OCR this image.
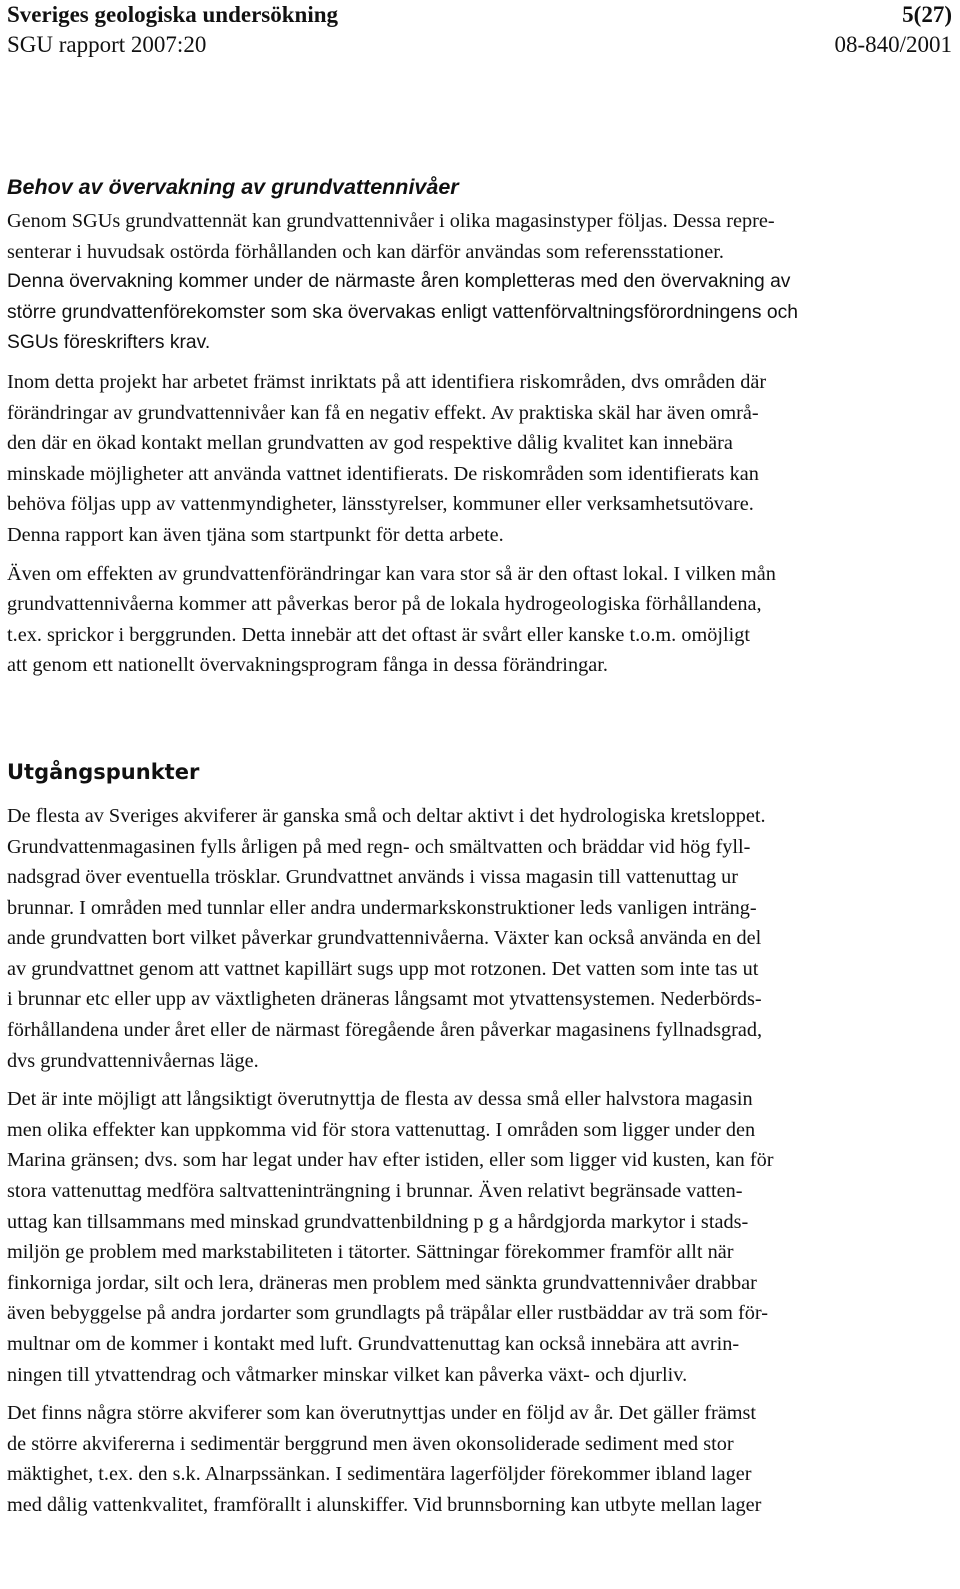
Sveriges geologiska undersökning	5(27)
SGU rapport 2007:20	08-840/2001
Behov av övervakning av grundvattennivåer

Genom SGUs grundvattennät kan grundvattennivåer i olika magasinstyper följas. Dessa repre-
senterar i huvudsak ostörda förhållanden och kan därför användas som referensstationer.
Denna övervakning kommer under de närmaste åren kompletteras med den övervakning av
större grundvattenförekomster som ska övervakas enligt vattenförvaltningsförordningens och
SGUs föreskrifters krav.

Inom detta projekt har arbetet främst inriktats på att identifiera riskområden, dvs områden där
förändringar av grundvattennivåer kan få en negativ effekt. Av praktiska skäl har även områ-
den där en ökad kontakt mellan grundvatten av god respektive dålig kvalitet kan innebära
minskade möjligheter att använda vattnet identifierats. De riskområden som identifierats kan
behöva följas upp av vattenmyndigheter, länsstyrelser, kommuner eller verksamhetsutövare.
Denna rapport kan även tjäna som startpunkt för detta arbete.

Även om effekten av grundvattenförändringar kan vara stor så är den oftast lokal. I vilken mån
grundvattennivåerna kommer att påverkas beror på de lokala hydrogeologiska förhållandena,
t.ex. sprickor i berggrunden. Detta innebär att det oftast är svårt eller kanske t.o.m. omöjligt
att genom ett nationellt övervakningsprogram fånga in dessa förändringar.

Utgångspunkter

De flesta av Sveriges akviferer är ganska små och deltar aktivt i det hydrologiska kretsloppet.
Grundvattenmagasinen fylls årligen på med regn- och smältvatten och bräddar vid hög fyll-
nadsgrad över eventuella trösklar. Grundvattnet används i vissa magasin till vattenuttag ur
brunnar. I områden med tunnlar eller andra undermarkskonstruktioner leds vanligen inträng-
ande grundvatten bort vilket påverkar grundvattennivåerna. Växter kan också använda en del
av grundvattnet genom att vattnet kapillärt sugs upp mot rotzonen. Det vatten som inte tas ut
i brunnar etc eller upp av växtligheten dräneras långsamt mot ytvattensystemen. Nederbörds-
förhållandena under året eller de närmast föregående åren påverkar magasinens fyllnadsgrad,
dvs grundvattennivåernas läge.

Det är inte möjligt att långsiktigt överutnyttja de flesta av dessa små eller halvstora magasin
men olika effekter kan uppkomma vid för stora vattenuttag. I områden som ligger under den
Marina gränsen; dvs. som har legat under hav efter istiden, eller som ligger vid kusten, kan för
stora vattenuttag medföra saltvatteninträngning i brunnar. Även relativt begränsade vatten-
uttag kan tillsammans med minskad grundvattenbildning p g a hårdgjorda markytor i stads-
miljön ge problem med markstabiliteten i tätorter. Sättningar förekommer framför allt när
finkorniga jordar, silt och lera, dräneras men problem med sänkta grundvattennivåer drabbar
även bebyggelse på andra jordarter som grundlagts på träpålar eller rustbäddar av trä som för-
multnar om de kommer i kontakt med luft. Grundvattenuttag kan också innebära att avrin-
ningen till ytvattendrag och våtmarker minskar vilket kan påverka växt- och djurliv.

Det finns några större akviferer som kan överutnyttjas under en följd av år. Det gäller främst
de större akvifererna i sedimentär berggrund men även okonsoliderade sediment med stor
mäktighet, t.ex. den s.k. Alnarpssänkan. I sedimentära lagerföljder förekommer ibland lager
med dålig vattenkvalitet, framförallt i alunskiffer. Vid brunnsborning kan utbyte mellan lager
